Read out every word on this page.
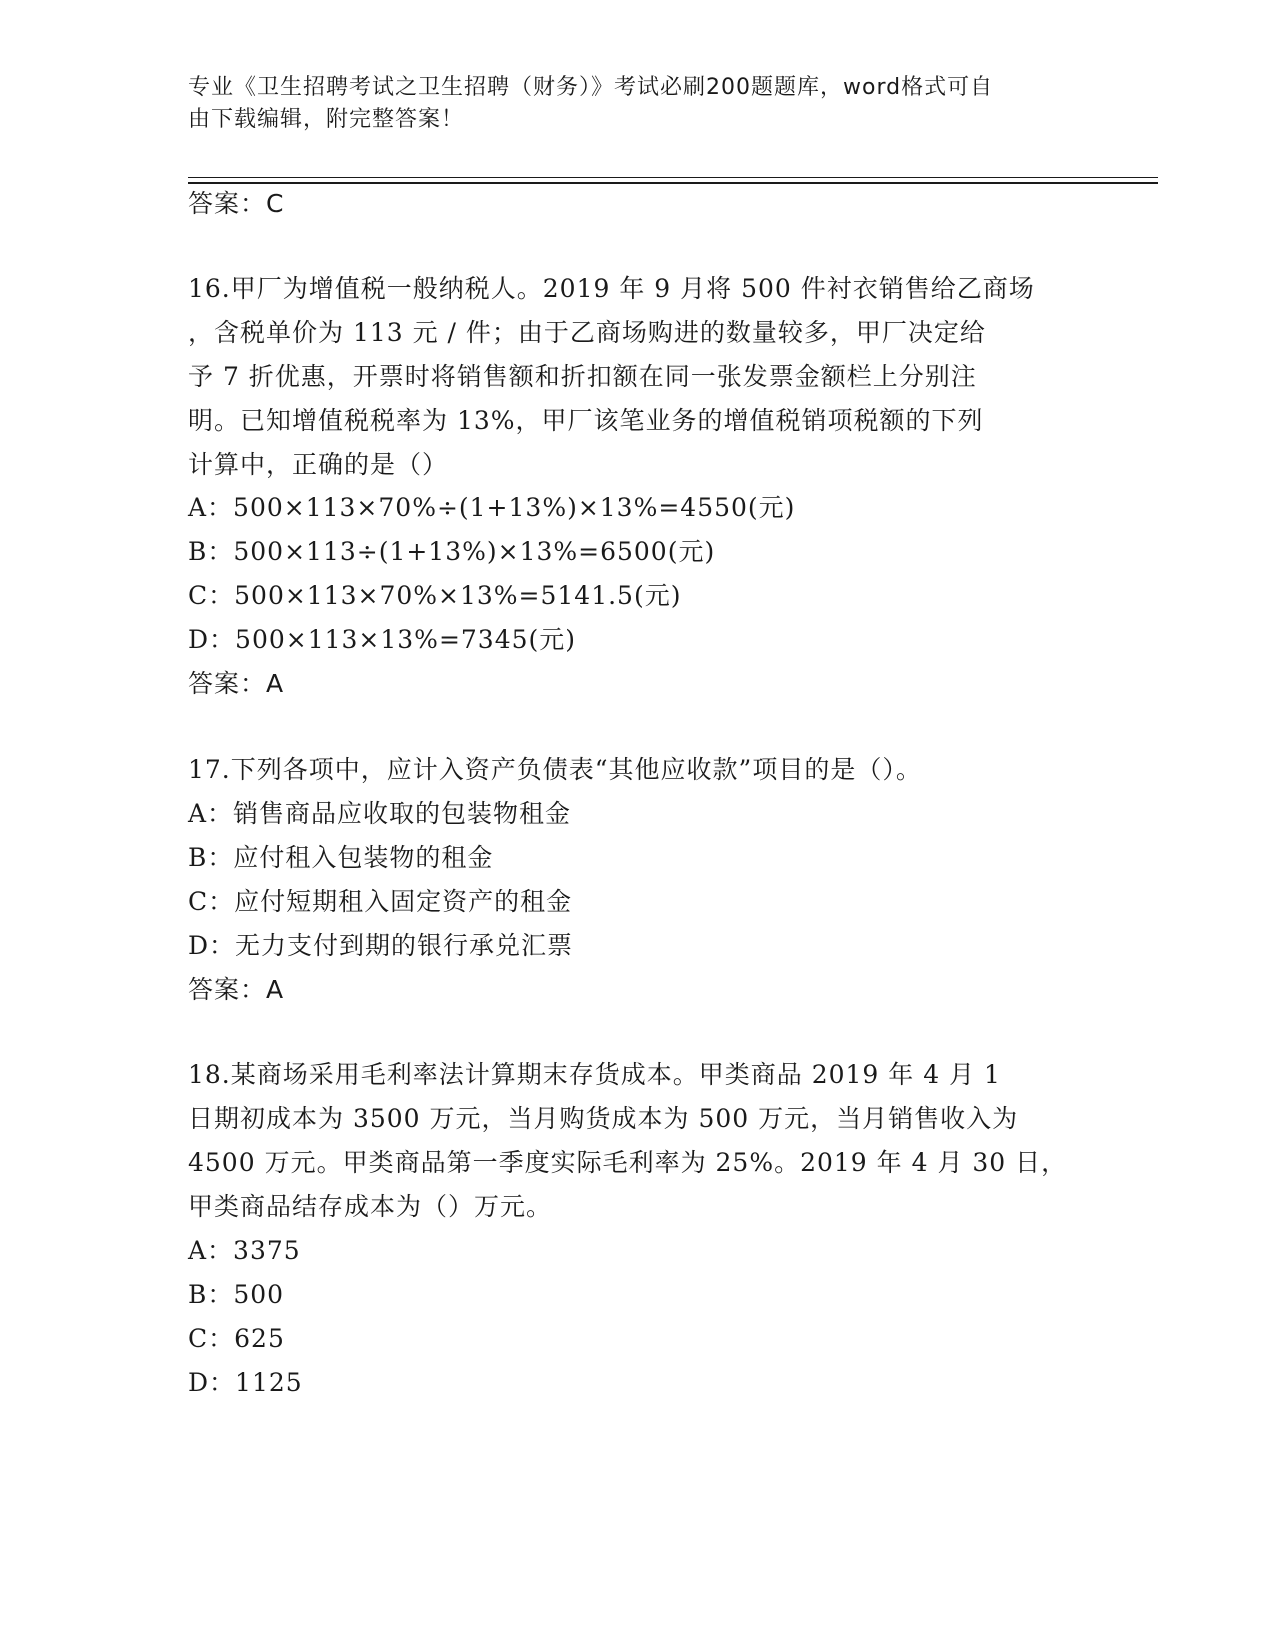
专业《卫生招聘考试之卫生招聘（财务）》考试必刷200题题库，word格式可自
由下载编辑，附完整答案！
答案：C
16.甲厂为增值税一般纳税人。2019 年 9 月将 500 件衬衣销售给乙商场
，含税单价为 113 元 / 件；由于乙商场购进的数量较多，甲厂决定给
予 7 折优惠，开票时将销售额和折扣额在同一张发票金额栏上分别注
明。已知增值税税率为 13%，甲厂该笔业务的增值税销项税额的下列
计算中，正确的是（）
A：500×113×70%÷(1+13%)×13%=4550(元)
B：500×113÷(1+13%)×13%=6500(元)
C：500×113×70%×13%=5141.5(元)
D：500×113×13%=7345(元)
答案：A
17.下列各项中，应计入资产负债表“其他应收款”项目的是（）。
A：销售商品应收取的包装物租金
B：应付租入包装物的租金
C：应付短期租入固定资产的租金
D：无力支付到期的银行承兑汇票
答案：A
18.某商场采用毛利率法计算期末存货成本。甲类商品 2019 年 4 月 1
日期初成本为 3500 万元，当月购货成本为 500 万元，当月销售收入为
4500 万元。甲类商品第一季度实际毛利率为 25%。2019 年 4 月 30 日，
甲类商品结存成本为（）万元。
A：3375
B：500
C：625
D：1125
